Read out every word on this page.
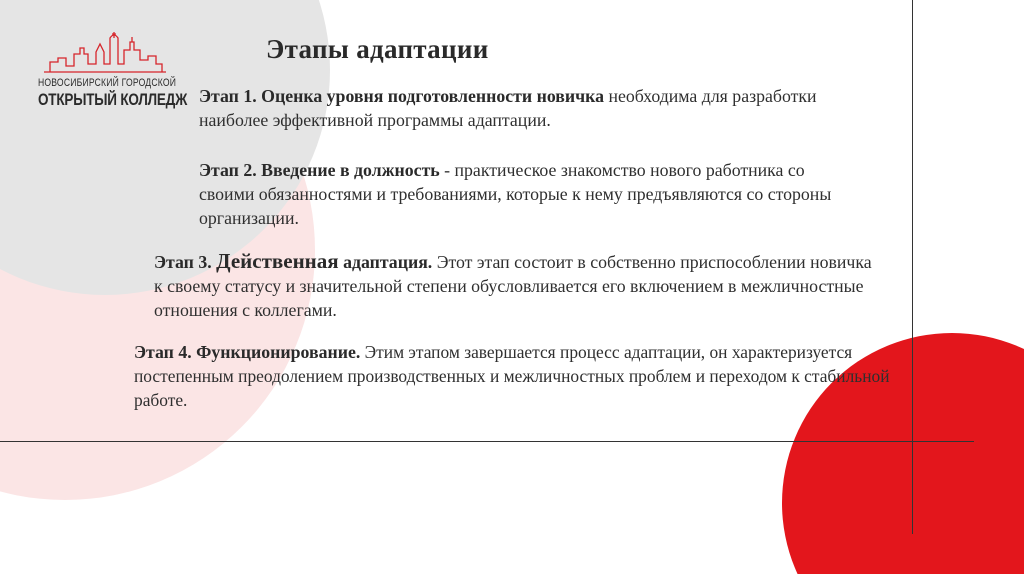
НОВОСИБИРСКИЙ ГОРОДСКОЙ
ОТКРЫТЫЙ КОЛЛЕДЖ
Этапы адаптации
Этап 1. Оценка уровня подготовленности новичка необходима для разработки наиболее эффективной программы адаптации.
Этап 2. Введение в должность - практическое знакомство нового работника со своими обязанностями и требованиями, которые к нему предъявляются со стороны организации.
Этап 3. Действенная адаптация. Этот этап состоит в собственно приспособлении новичка к своему статусу и значительной степени обусловливается его включением в межличностные отношения с коллегами.
Этап 4. Функционирование. Этим этапом завершается процесс адаптации, он характеризуется постепенным преодолением производственных и межличностных проблем и переходом к стабильной работе.
